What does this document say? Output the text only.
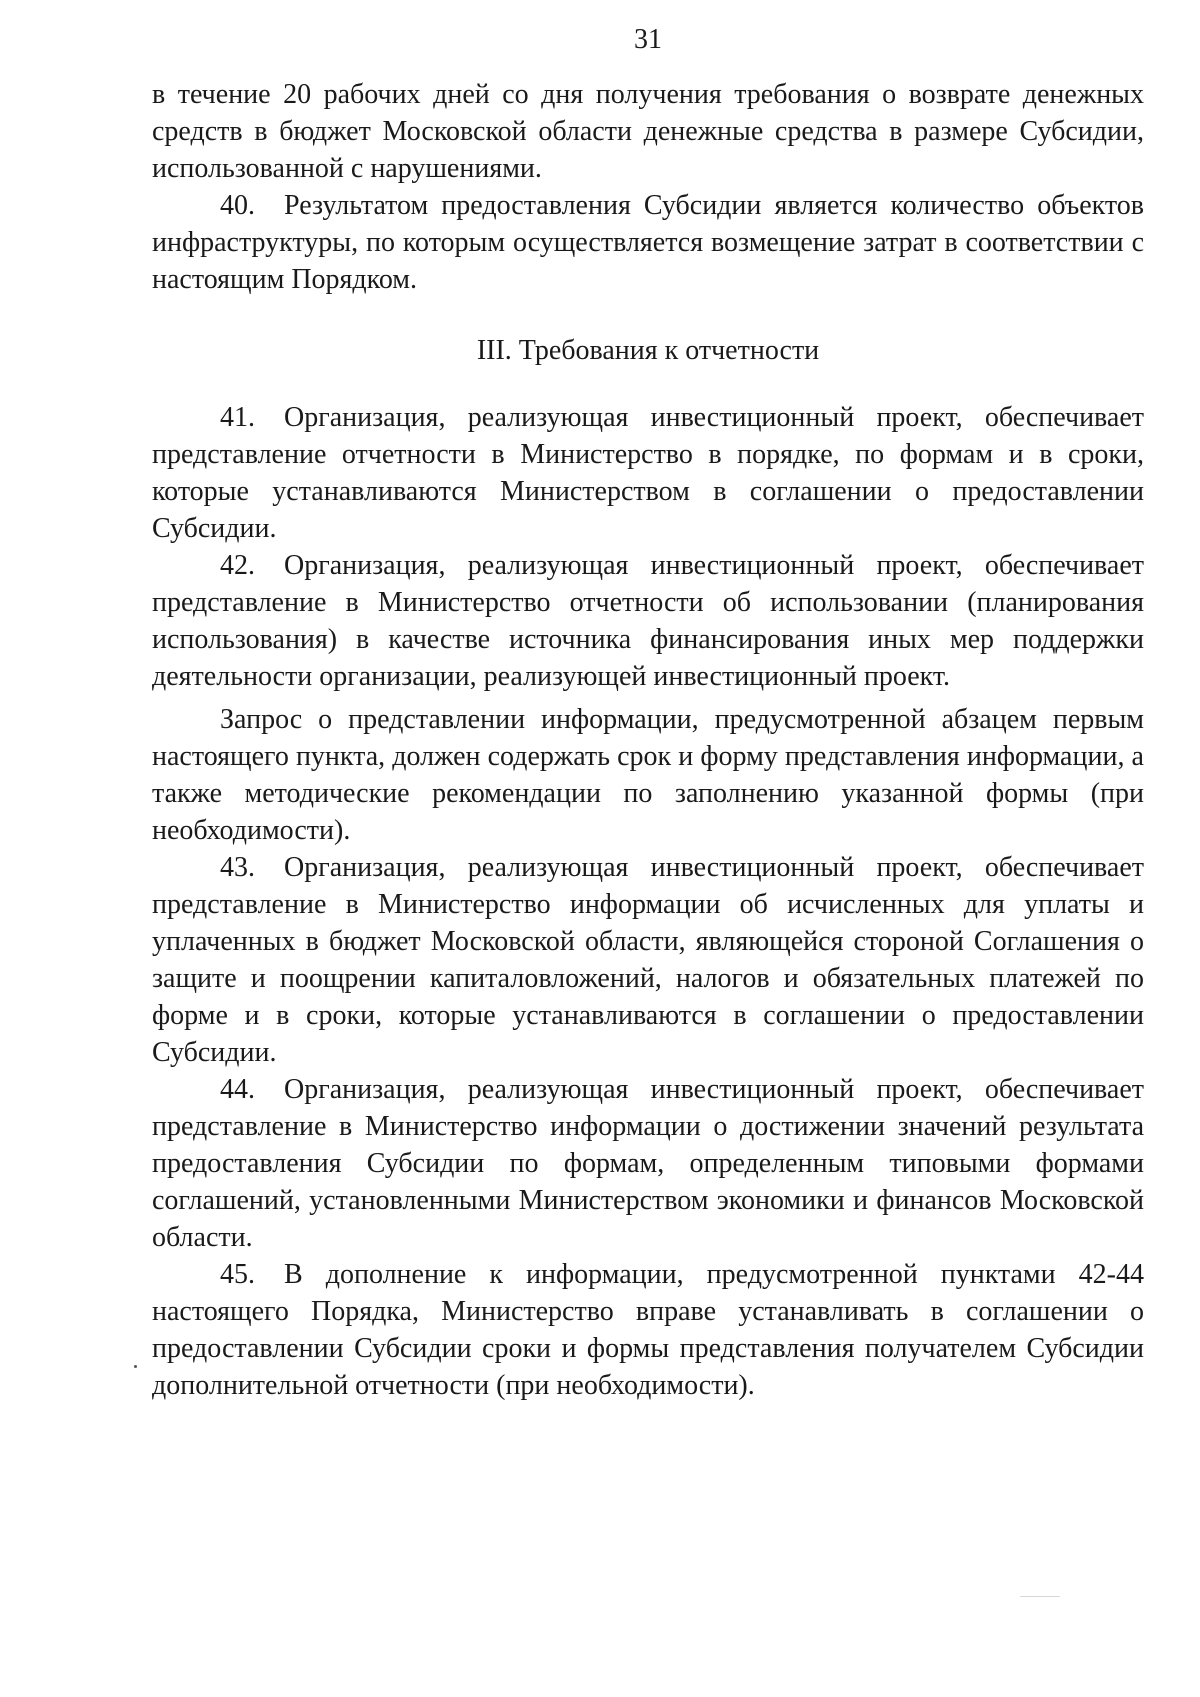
31

в течение 20 рабочих дней со дня получения требования о возврате денежных средств в бюджет Московской области денежные средства в размере Субсидии, использованной с нарушениями.

40. Результатом предоставления Субсидии является количество объектов инфраструктуры, по которым осуществляется возмещение затрат в соответствии с настоящим Порядком.

III. Требования к отчетности

41. Организация, реализующая инвестиционный проект, обеспечивает представление отчетности в Министерство в порядке, по формам и в сроки, которые устанавливаются Министерством в соглашении о предоставлении Субсидии.

42. Организация, реализующая инвестиционный проект, обеспечивает представление в Министерство отчетности об использовании (планирования использования) в качестве источника финансирования иных мер поддержки деятельности организации, реализующей инвестиционный проект.

Запрос о представлении информации, предусмотренной абзацем первым настоящего пункта, должен содержать срок и форму представления информации, а также методические рекомендации по заполнению указанной формы (при необходимости).

43. Организация, реализующая инвестиционный проект, обеспечивает представление в Министерство информации об исчисленных для уплаты и уплаченных в бюджет Московской области, являющейся стороной Соглашения о защите и поощрении капиталовложений, налогов и обязательных платежей по форме и в сроки, которые устанавливаются в соглашении о предоставлении Субсидии.

44. Организация, реализующая инвестиционный проект, обеспечивает представление в Министерство информации о достижении значений результата предоставления Субсидии по формам, определенным типовыми формами соглашений, установленными Министерством экономики и финансов Московской области.

45. В дополнение к информации, предусмотренной пунктами 42-44 настоящего Порядка, Министерство вправе устанавливать в соглашении о предоставлении Субсидии сроки и формы представления получателем Субсидии дополнительной отчетности (при необходимости).
